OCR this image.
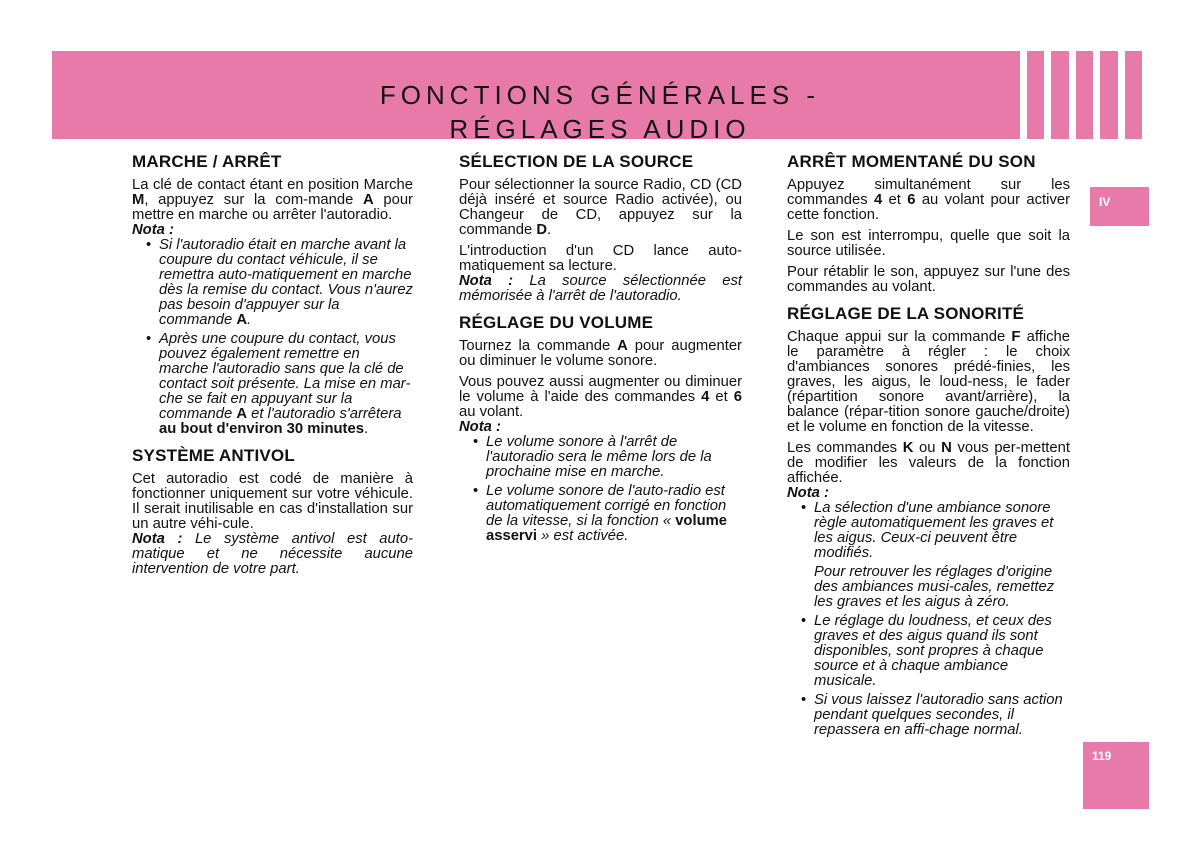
FONCTIONS GÉNÉRALES -
RÉGLAGES AUDIO
IV
119
MARCHE / ARRÊT

La clé de contact étant en position Marche M, appuyez sur la com-mande A pour mettre en marche ou arrêter l'autoradio.

Nota :
• Si l'autoradio était en marche avant la coupure du contact véhicule, il se remettra auto-matiquement en marche dès la remise du contact. Vous n'aurez pas besoin d'appuyer sur la commande A.
• Après une coupure du contact, vous pouvez également remettre en marche l'autoradio sans que la clé de contact soit présente. La mise en mar-che se fait en appuyant sur la commande A et l'autoradio s'arrêtera au bout d'environ 30 minutes.
SYSTÈME ANTIVOL

Cet autoradio est codé de manière à fonctionner uniquement sur votre véhicule. Il serait inutilisable en cas d'installation sur un autre véhi-cule.

Nota : Le système antivol est auto-matique et ne nécessite aucune intervention de votre part.

SÉLECTION DE LA SOURCE

Pour sélectionner la source Radio, CD (CD déjà inséré et source Radio activée), ou Changeur de CD, appuyez sur la commande D.

L'introduction d'un CD lance auto-matiquement sa lecture.

Nota : La source sélectionnée est mémorisée à l'arrêt de l'autoradio.

RÉGLAGE DU VOLUME

Tournez la commande A pour augmenter ou diminuer le volume sonore.

Vous pouvez aussi augmenter ou diminuer le volume à l'aide des commandes 4 et 6 au volant.

Nota :
• Le volume sonore à l'arrêt de l'autoradio sera le même lors de la prochaine mise en marche.
• Le volume sonore de l'auto-radio est automatiquement corrigé en fonction de la vitesse, si la fonction « volume asservi » est activée.
ARRÊT MOMENTANÉ DU SON

Appuyez simultanément sur les commandes 4 et 6 au volant pour activer cette fonction.

Le son est interrompu, quelle que soit la source utilisée.

Pour rétablir le son, appuyez sur l'une des commandes au volant.

RÉGLAGE DE LA SONORITÉ

Chaque appui sur la commande F affiche le paramètre à régler : le choix d'ambiances sonores prédé-finies, les graves, les aigus, le loud-ness, le fader (répartition sonore avant/arrière), la balance (répar-tition sonore gauche/droite) et le volume en fonction de la vitesse.

Les commandes K ou N vous per-mettent de modifier les valeurs de la fonction affichée.

Nota :
• La sélection d'une ambiance sonore règle automatiquement les graves et les aigus. Ceux-ci peuvent être modifiés.

Pour retrouver les réglages d'origine des ambiances musi-cales, remettez les graves et les aigus à zéro.

• Le réglage du loudness, et ceux des graves et des aigus quand ils sont disponibles, sont propres à chaque source et à chaque ambiance musicale.
• Si vous laissez l'autoradio sans action pendant quelques secondes, il repassera en affi-chage normal.
